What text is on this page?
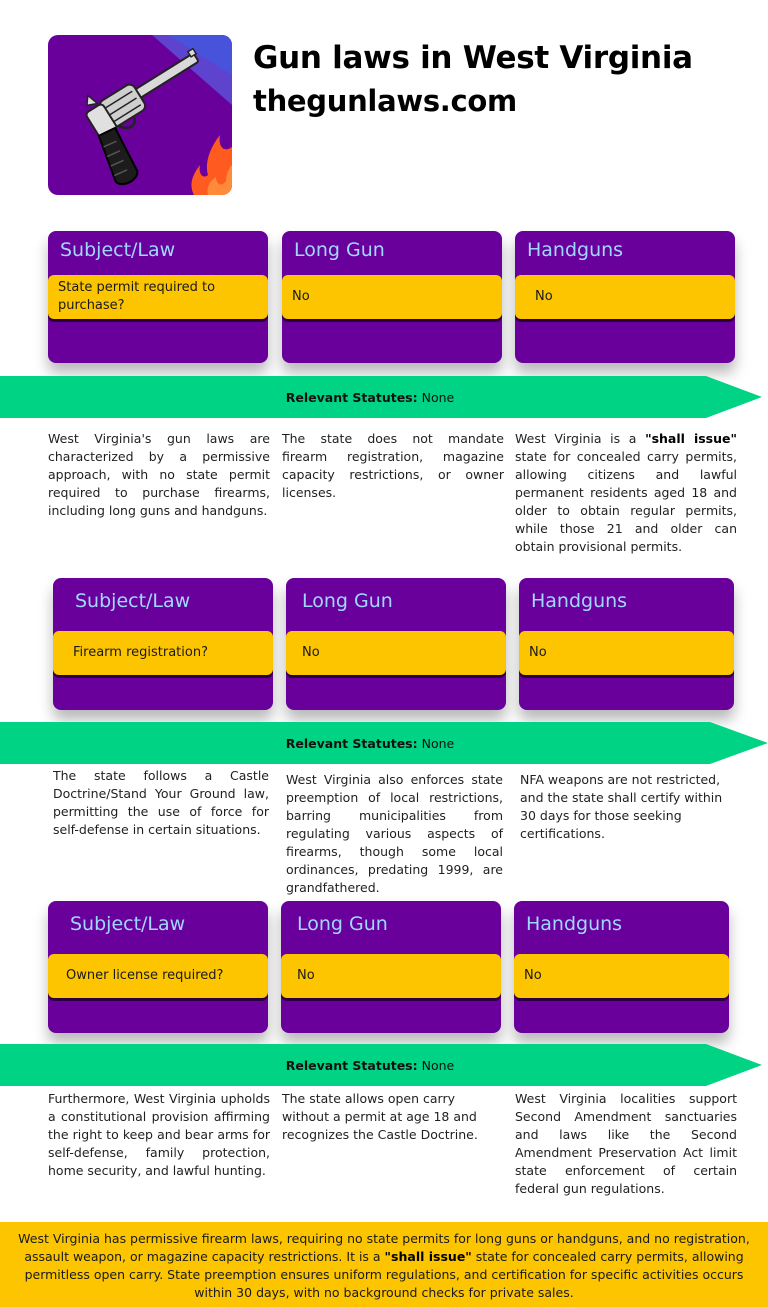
Gun laws in West Virginia
thegunlaws.com
Subject/Law
State permit required to purchase?
Long Gun
No
Handguns
No
Relevant Statutes: None

West Virginia's gun laws are characterized by a permissive approach, with no state permit required to purchase firearms, including long guns and handguns.

The state does not mandate firearm registration, magazine capacity restrictions, or owner licenses.

West Virginia is a "shall issue" state for concealed carry permits, allowing citizens and lawful permanent residents aged 18 and older to obtain regular permits, while those 21 and older can obtain provisional permits.

Subject/Law
Firearm registration?
Long Gun
No
Handguns
No
Relevant Statutes: None

The state follows a Castle Doctrine/Stand Your Ground law, permitting the use of force for self-defense in certain situations.

West Virginia also enforces state preemption of local restrictions, barring municipalities from regulating various aspects of firearms, though some local ordinances, predating 1999, are grandfathered.

NFA weapons are not restricted, and the state shall certify within 30 days for those seeking certifications.

Subject/Law
Owner license required?
Long Gun
No
Handguns
No
Relevant Statutes: None

Furthermore, West Virginia upholds a constitutional provision affirming the right to keep and bear arms for self-defense, family protection, home security, and lawful hunting.

The state allows open carry without a permit at age 18 and recognizes the Castle Doctrine.

West Virginia localities support Second Amendment sanctuaries and laws like the Second Amendment Preservation Act limit state enforcement of certain federal gun regulations.

West Virginia has permissive firearm laws, requiring no state permits for long guns or handguns, and no registration, assault weapon, or magazine capacity restrictions. It is a "shall issue" state for concealed carry permits, allowing permitless open carry. State preemption ensures uniform regulations, and certification for specific activities occurs within 30 days, with no background checks for private sales.
